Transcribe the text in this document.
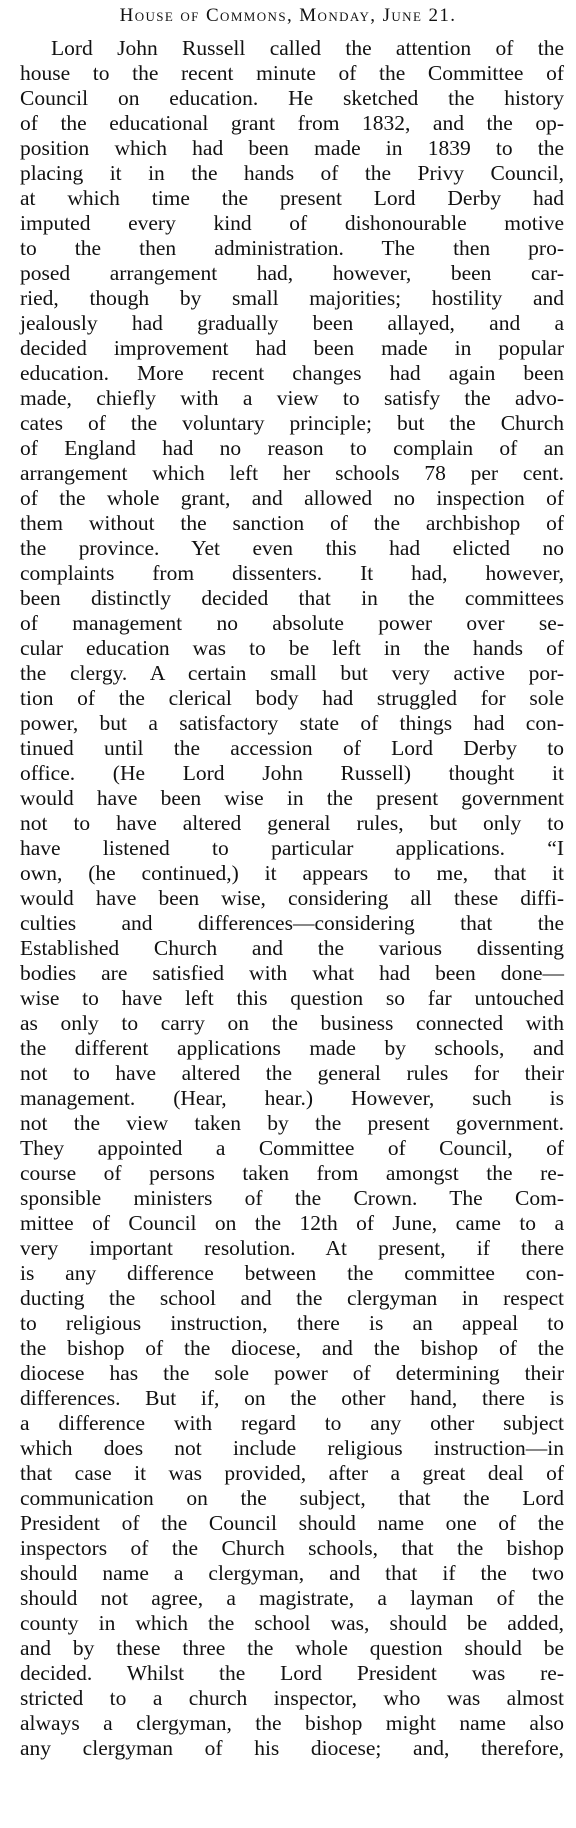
House of Commons, Monday, June 21.
Lord John Russell called the attention of the
house to the recent minute of the Committee of
Council on education. He sketched the history
of the educational grant from 1832, and the op-
position which had been made in 1839 to the
placing it in the hands of the Privy Council,
at which time the present Lord Derby had
imputed every kind of dishonourable motive
to the then administration. The then pro-
posed arrangement had, however, been car-
ried, though by small majorities; hostility and
jealously had gradually been allayed, and a
decided improvement had been made in popular
education. More recent changes had again been
made, chiefly with a view to satisfy the advo-
cates of the voluntary principle; but the Church
of England had no reason to complain of an
arrangement which left her schools 78 per cent.
of the whole grant, and allowed no inspection of
them without the sanction of the archbishop of
the province. Yet even this had elicted no
complaints from dissenters. It had, however,
been distinctly decided that in the committees
of management no absolute power over se-
cular education was to be left in the hands of
the clergy. A certain small but very active por-
tion of the clerical body had struggled for sole
power, but a satisfactory state of things had con-
tinued until the accession of Lord Derby to
office. (He Lord John Russell) thought it
would have been wise in the present government
not to have altered general rules, but only to
have listened to particular applications. “I
own, (he continued,) it appears to me, that it
would have been wise, considering all these diffi-
culties and differences—considering that the
Established Church and the various dissenting
bodies are satisfied with what had been done—
wise to have left this question so far untouched
as only to carry on the business connected with
the different applications made by schools, and
not to have altered the general rules for their
management. (Hear, hear.) However, such is
not the view taken by the present government.
They appointed a Committee of Council, of
course of persons taken from amongst the re-
sponsible ministers of the Crown. The Com-
mittee of Council on the 12th of June, came to a
very important resolution. At present, if there
is any difference between the committee con-
ducting the school and the clergyman in respect
to religious instruction, there is an appeal to
the bishop of the diocese, and the bishop of the
diocese has the sole power of determining their
differences. But if, on the other hand, there is
a difference with regard to any other subject
which does not include religious instruction—in
that case it was provided, after a great deal of
communication on the subject, that the Lord
President of the Council should name one of the
inspectors of the Church schools, that the bishop
should name a clergyman, and that if the two
should not agree, a magistrate, a layman of the
county in which the school was, should be added,
and by these three the whole question should be
decided. Whilst the Lord President was re-
stricted to a church inspector, who was almost
always a clergyman, the bishop might name also
any clergyman of his diocese; and, therefore,
